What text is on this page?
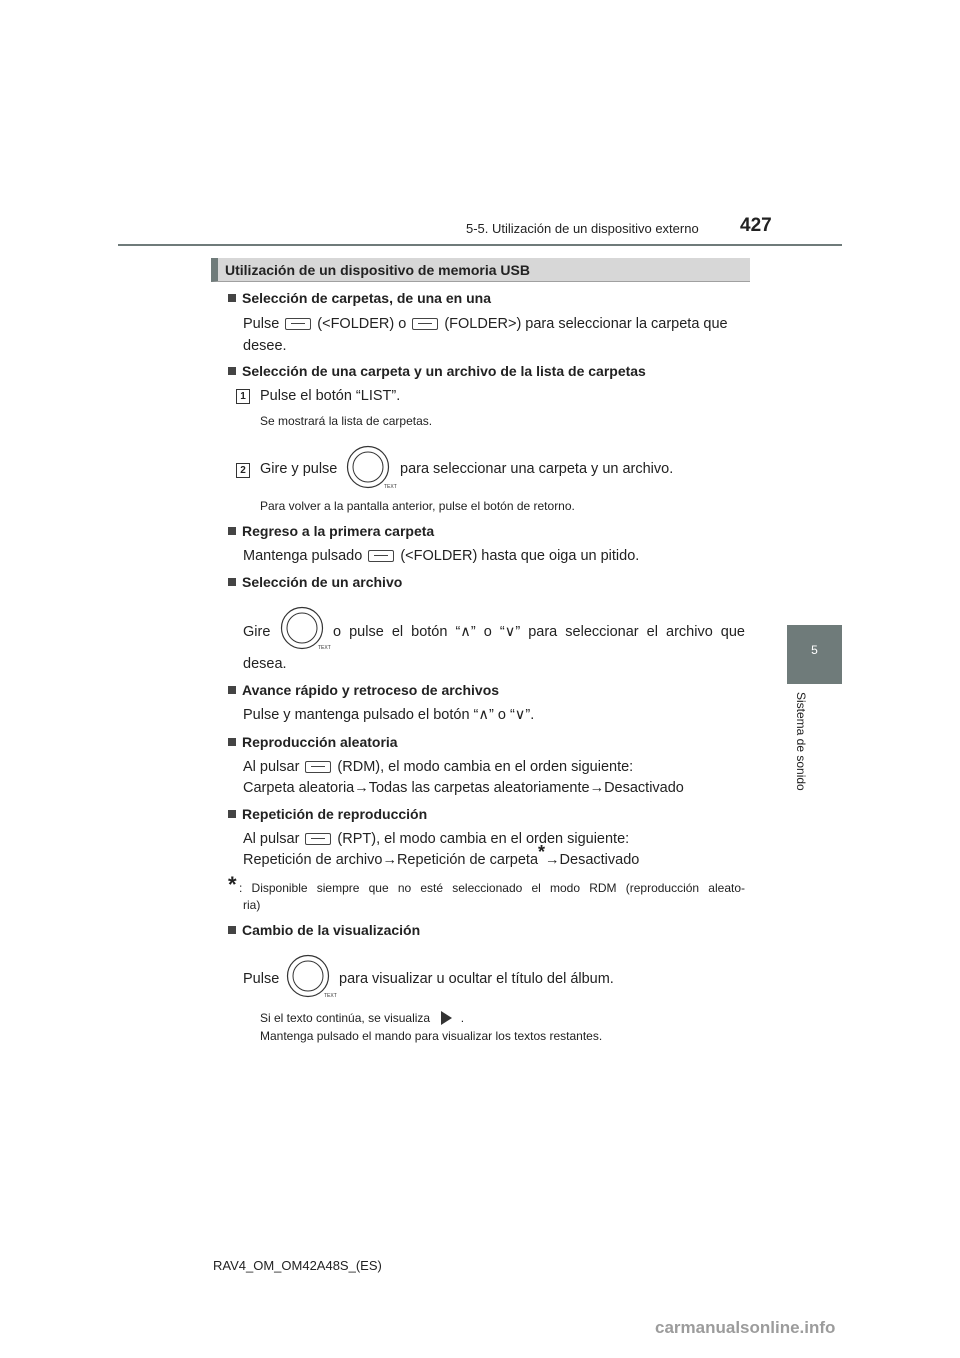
5-5. Utilización de un dispositivo externo 427
5
Sistema de sonido
Utilización de un dispositivo de memoria USB
Selección de carpetas, de una en una
Pulse	(<FOLDER) o	(FOLDER>) para seleccionar la carpeta que
desee.
Selección de una carpeta y un archivo de la lista de carpetas
1 Pulse el botón “LIST”.
Se mostrará la lista de carpetas.
2 Gire y pulse
TEXT
para seleccionar una carpeta y un archivo.
Para volver a la pantalla anterior, pulse el botón de retorno.
Regreso a la primera carpeta
Mantenga pulsado	(<FOLDER) hasta que oiga un pitido.
Selección de un archivo
Gire
TEXT
o pulse el botón “∧” o “∨” para seleccionar el archivo que
desea.
Avance rápido y retroceso de archivos
Pulse y mantenga pulsado el botón “∧” o “∨”.
Reproducción aleatoria
Al pulsar	(RDM), el modo cambia en el orden siguiente:
Carpeta aleatoria→Todas las carpetas aleatoriamente→Desactivado
Repetición de reproducción
Al pulsar	(RPT), el modo cambia en el orden siguiente:
Repetición de archivo→Repetición de carpeta*→Desactivado
* : Disponible siempre que no esté seleccionado el modo RDM (reproducción aleato-
ria)
Cambio de la visualización
Pulse
TEXT
para visualizar u ocultar el título del álbum.
Si el texto continúa, se visualiza	.
Mantenga pulsado el mando para visualizar los textos restantes.
RAV4_OM_OM42A48S_(ES)
carmanualsonline.info
